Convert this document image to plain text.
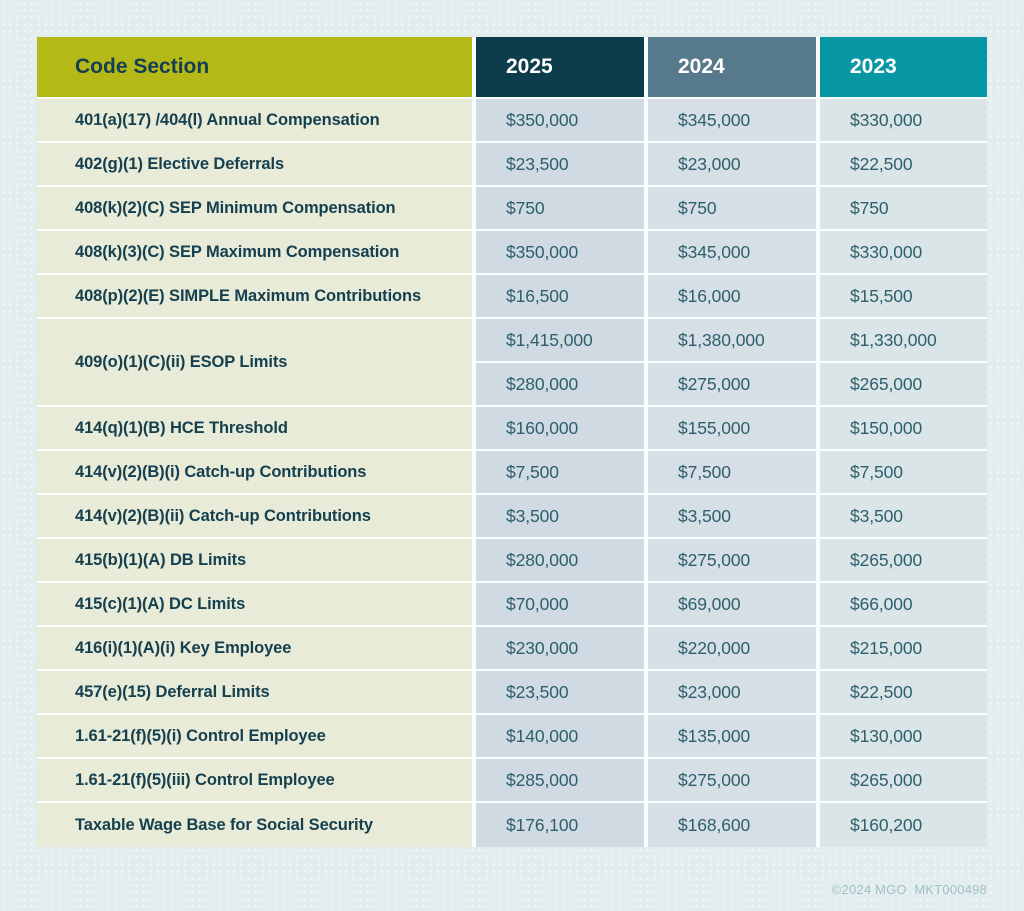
Code Section	2025	2024	2023
401(a)(17) /404(l) Annual Compensation	$350,000	$345,000	$330,000
402(g)(1) Elective Deferrals	$23,500	$23,000	$22,500
408(k)(2)(C) SEP Minimum Compensation	$750	$750	$750
408(k)(3)(C) SEP Maximum Compensation	$350,000	$345,000	$330,000
408(p)(2)(E) SIMPLE Maximum Contributions	$16,500	$16,000	$15,500
409(o)(1)(C)(ii) ESOP Limits	$1,415,000	$1,380,000	$1,330,000
	$280,000	$275,000	$265,000
414(q)(1)(B) HCE Threshold	$160,000	$155,000	$150,000
414(v)(2)(B)(i) Catch-up Contributions	$7,500	$7,500	$7,500
414(v)(2)(B)(ii) Catch-up Contributions	$3,500	$3,500	$3,500
415(b)(1)(A) DB Limits	$280,000	$275,000	$265,000
415(c)(1)(A) DC Limits	$70,000	$69,000	$66,000
416(i)(1)(A)(i) Key Employee	$230,000	$220,000	$215,000
457(e)(15) Deferral Limits	$23,500	$23,000	$22,500
1.61-21(f)(5)(i) Control Employee	$140,000	$135,000	$130,000
1.61-21(f)(5)(iii) Control Employee	$285,000	$275,000	$265,000
Taxable Wage Base for Social Security	$176,100	$168,600	$160,200
©2024 MGO  MKT000498
